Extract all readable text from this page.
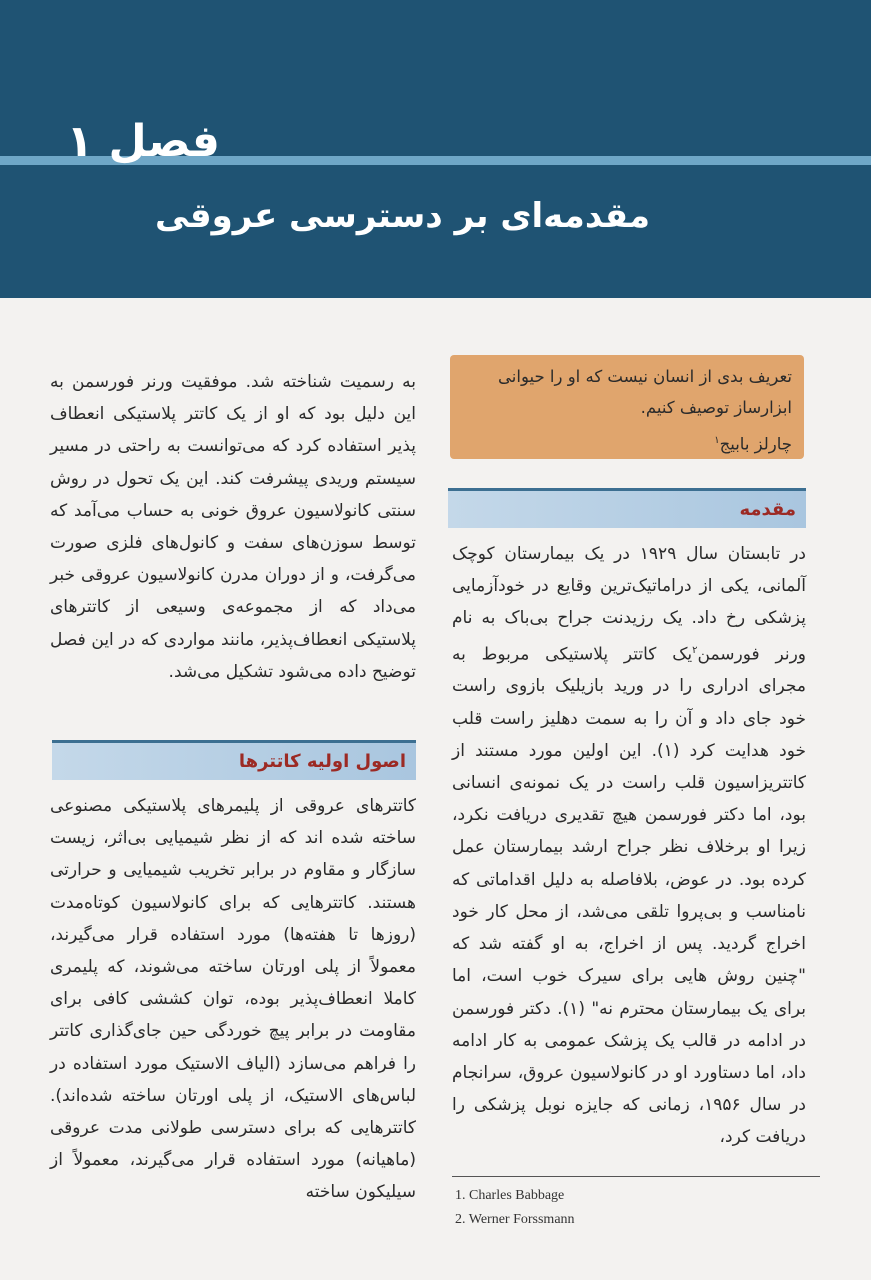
فصل ۱
مقدمه‌ای بر دسترسی عروقی

به رسمیت شناخته شد. موفقیت ورنر فورسمن به این دلیل بود که او از یک کاتتر پلاستیکی انعطاف پذیر استفاده کرد که می‌توانست به راحتی در مسیر سیستم وریدی پیشرفت کند. این یک تحول در روش سنتی کانولاسیون عروق خونی به حساب می‌آمد که توسط سوزن‌های سفت و کانول‌های فلزی صورت می‌گرفت، و از دوران مدرن کانولاسیون عروقی خبر می‌داد که از مجموعه‌ی وسیعی از کاتترهای پلاستیکی انعطاف‌پذیر، مانند مواردی که در این فصل توضیح داده می‌شود تشکیل می‌شد.

اصول اولیه کاتترها

کاتترهای عروقی از پلیمرهای پلاستیکی مصنوعی ساخته شده اند که از نظر شیمیایی بی‌اثر، زیست سازگار و مقاوم در برابر تخریب شیمیایی و حرارتی هستند. کاتترهایی که برای کانولاسیون کوتاه‌مدت (روزها تا هفته‌ها) مورد استفاده قرار می‌گیرند، معمولاً از پلی اورتان ساخته می‌شوند، که پلیمری کاملا انعطاف‌پذیر بوده، توان کششی کافی برای مقاومت در برابر پیچ خوردگی حین جای‌گذاری کاتتر را فراهم می‌سازد (الیاف الاستیک مورد استفاده در لباس‌های الاستیک، از پلی اورتان ساخته شده‌اند). کاتترهایی که برای دسترسی طولانی مدت عروقی (ماهیانه) مورد استفاده قرار می‌گیرند، معمولاً از سیلیکون ساخته

تعریف بدی از انسان نیست که او را حیوانی ابزارساز توصیف کنیم.

چارلز بابیج$^۱$

مقدمه

در تابستان سال ۱۹۲۹ در یک بیمارستان کوچک آلمانی، یکی از دراماتیک‌ترین وقایع در خودآزمایی پزشکی رخ داد. یک رزیدنت جراح بی‌باک به نام ورنر فورسمن$^۲$یک کاتتر پلاستیکی مربوط به مجرای ادراری را در ورید بازیلیک بازوی راست خود جای داد و آن را به سمت دهلیز راست قلب خود هدایت کرد (۱). این اولین مورد مستند از کاتتریزاسیون قلب راست در یک نمونه‌ی انسانی بود، اما دکتر فورسمن هیچ تقدیری دریافت نکرد، زیرا او برخلاف نظر جراح ارشد بیمارستان عمل کرده بود. در عوض، بلافاصله به دلیل اقداماتی که نامناسب و بی‌پروا تلقی می‌شد، از محل کار خود اخراج گردید. پس از اخراج، به او گفته شد که "چنین روش هایی برای سیرک خوب است، اما برای یک بیمارستان محترم نه" (۱). دکتر فورسمن در ادامه در قالب یک پزشک عمومی به کار ادامه داد، اما دستاورد او در کانولاسیون عروق، سرانجام در سال ۱۹۵۶، زمانی که جایزه نوبل پزشکی را دریافت کرد،

1. Charles Babbage
2. Werner Forssmann
